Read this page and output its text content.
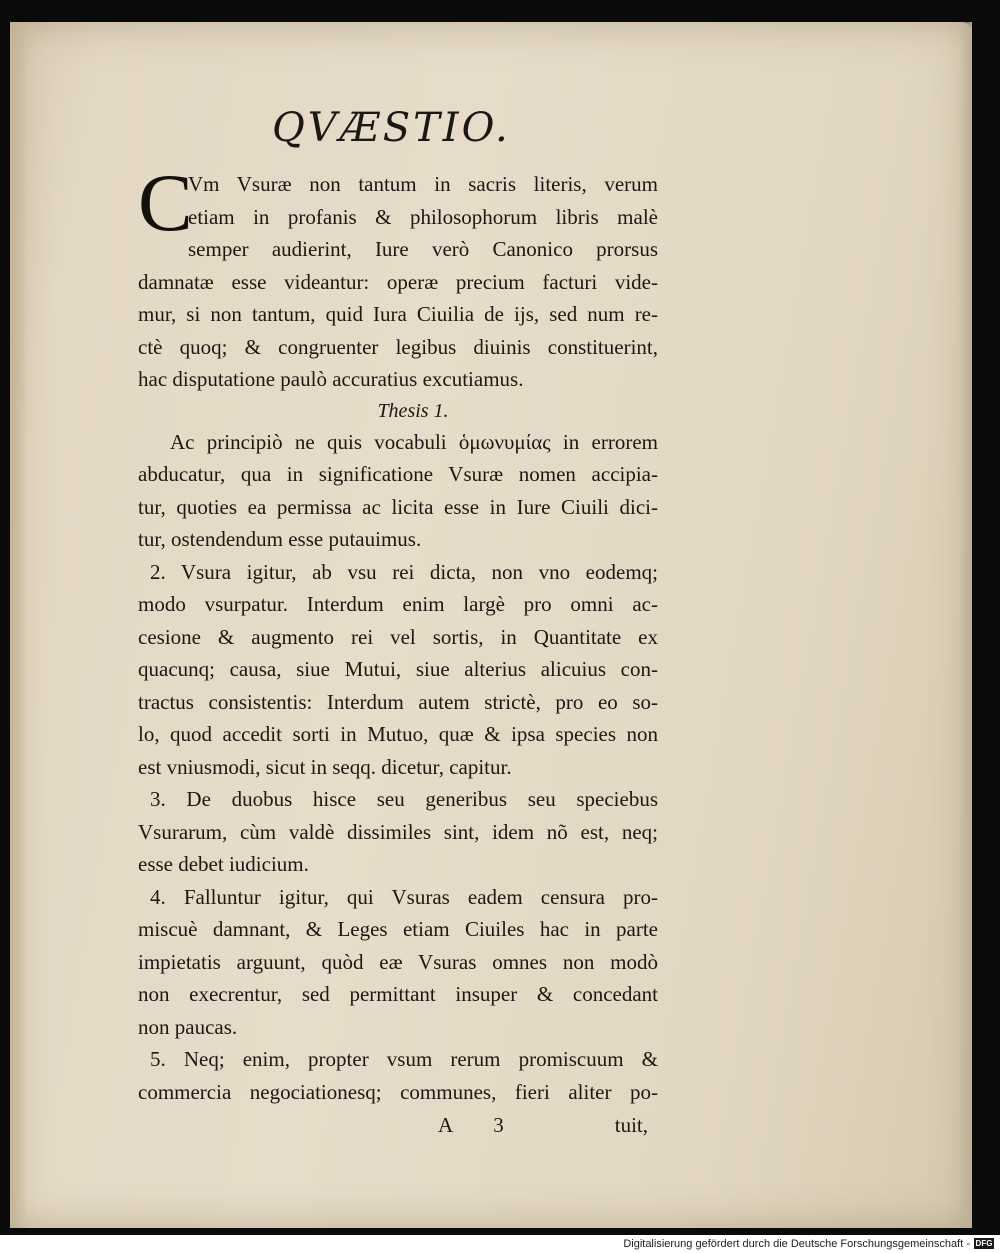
QVÆSTIO.
C
Vm Vsuræ non tantum in sacris literis, verum
etiam in profanis & philosophorum libris malè
semper audierint, Iure verò Canonico prorsus
damnatæ esse videantur: operæ precium facturi vide-
mur, si non tantum, quid Iura Ciuilia de ijs, sed num re-
ctè quoq; & congruenter legibus diuinis constituerint,
hac disputatione paulò accuratius excutiamus.
Thesis 1.
Ac principiò ne quis vocabuli ὁμωνυμίας in errorem
abducatur, qua in significatione Vsuræ nomen accipia-
tur, quoties ea permissa ac licita esse in Iure Ciuili dici-
tur, ostendendum esse putauimus.
2. Vsura igitur, ab vsu rei dicta, non vno eodemq;
modo vsurpatur. Interdum enim largè pro omni ac-
cesione & augmento rei vel sortis, in Quantitate ex
quacunq; causa, siue Mutui, siue alterius alicuius con-
tractus consistentis: Interdum autem strictè, pro eo so-
lo, quod accedit sorti in Mutuo, quæ & ipsa species non
est vniusmodi, sicut in seqq. dicetur, capitur.
3. De duobus hisce seu generibus seu speciebus
Vsurarum, cùm valdè dissimiles sint, idem nõ est, neq;
esse debet iudicium.
4. Falluntur igitur, qui Vsuras eadem censura pro-
miscuè damnant, & Leges etiam Ciuiles hac in parte
impietatis arguunt, quòd eæ Vsuras omnes non modò
non execrentur, sed permittant insuper & concedant
non paucas.
5. Neq; enim, propter vsum rerum promiscuum &
commercia negociationesq; communes, fieri aliter po-
A 3	tuit,
Digitalisierung gefördert durch die Deutsche Forschungsgemeinschaft - DFG
